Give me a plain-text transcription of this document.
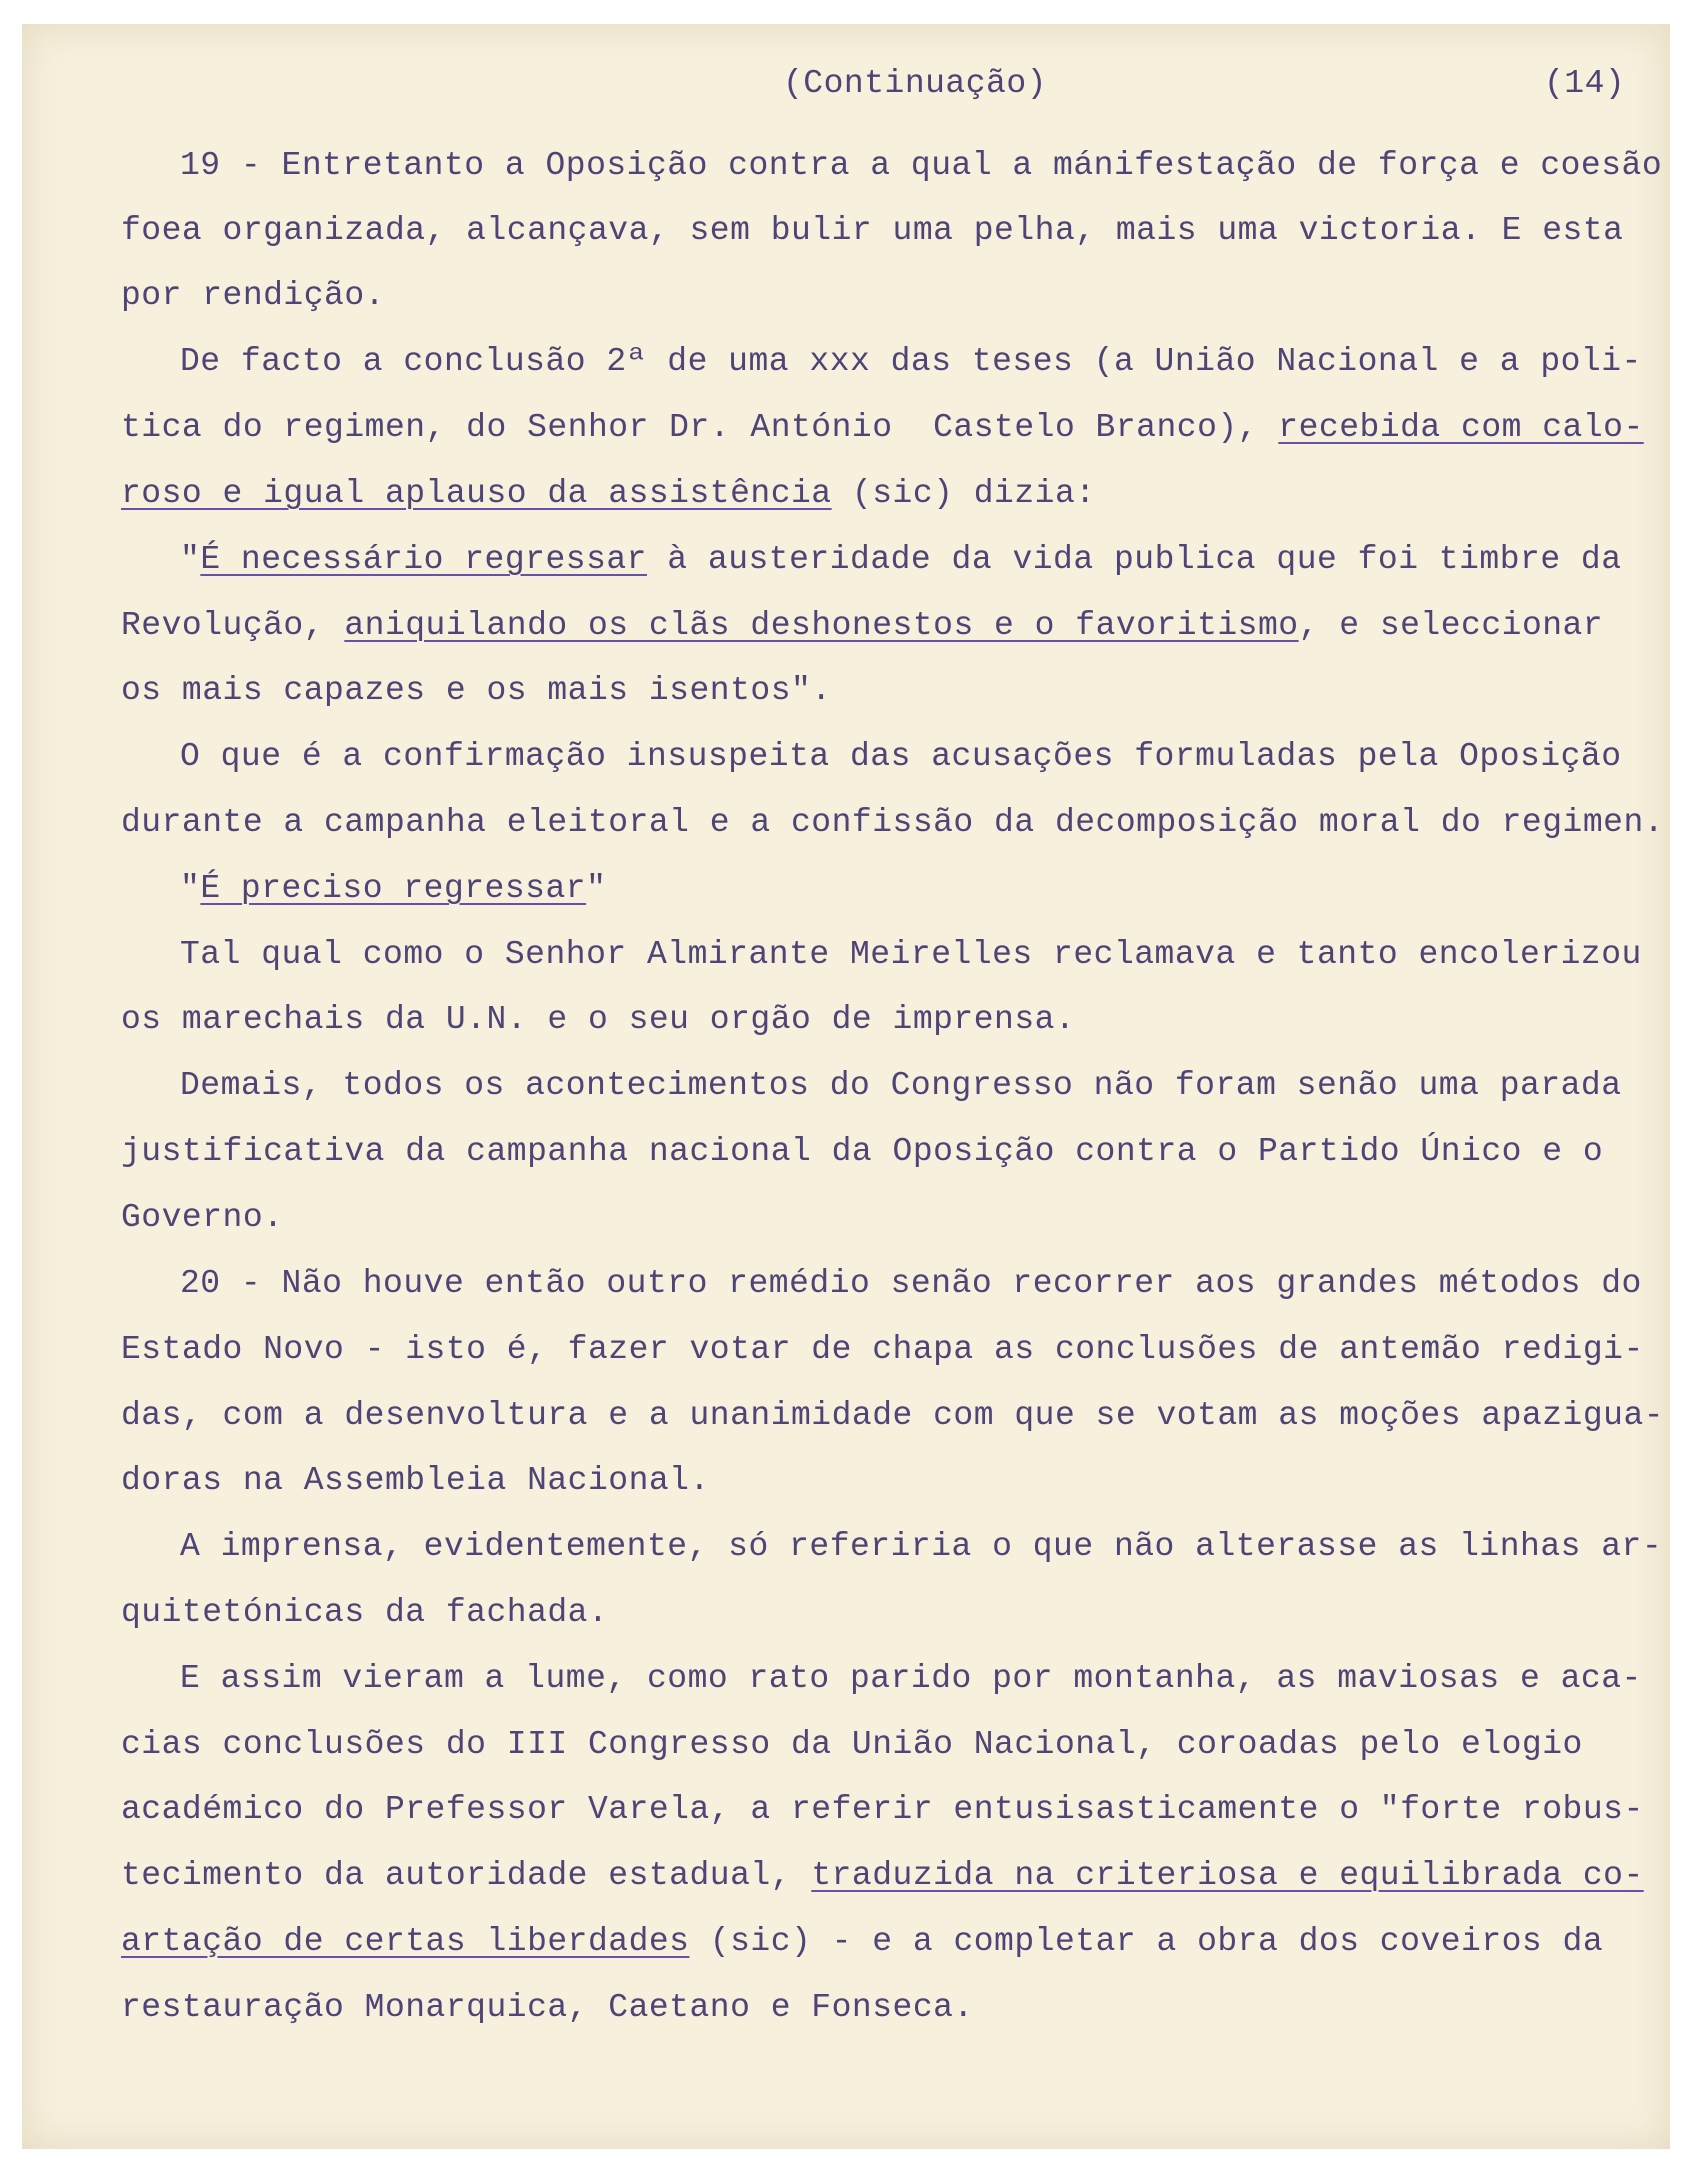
(Continuação)	(14)
19 - Entretanto a Oposição contra a qual a mánifestação de força e coesão
foea organizada, alcançava, sem bulir uma pelha, mais uma victoria. E esta
por rendição.
De facto a conclusão 2ª de uma xxx das teses (a União Nacional e a poli-
tica do regimen, do Senhor Dr. António  Castelo Branco), recebida com calo-
roso e igual aplauso da assistência (sic) dizia:
"É necessário regressar à austeridade da vida publica que foi timbre da
Revolução, aniquilando os clãs deshonestos e o favoritismo, e seleccionar
os mais capazes e os mais isentos".
O que é a confirmação insuspeita das acusações formuladas pela Oposição
durante a campanha eleitoral e a confissão da decomposição moral do regimen.
"É preciso regressar"
Tal qual como o Senhor Almirante Meirelles reclamava e tanto encolerizou
os marechais da U.N. e o seu orgão de imprensa.
Demais, todos os acontecimentos do Congresso não foram senão uma parada
justificativa da campanha nacional da Oposição contra o Partido Único e o
Governo.
20 - Não houve então outro remédio senão recorrer aos grandes métodos do
Estado Novo - isto é, fazer votar de chapa as conclusões de antemão redigi-
das, com a desenvoltura e a unanimidade com que se votam as moções apazigua-
doras na Assembleia Nacional.
A imprensa, evidentemente, só referiria o que não alterasse as linhas ar-
quitetónicas da fachada.
E assim vieram a lume, como rato parido por montanha, as maviosas e aca-
cias conclusões do III Congresso da União Nacional, coroadas pelo elogio
académico do Prefessor Varela, a referir entusisasticamente o "forte robus-
tecimento da autoridade estadual, traduzida na criteriosa e equilibrada co-
artação de certas liberdades (sic) - e a completar a obra dos coveiros da
restauração Monarquica, Caetano e Fonseca.
